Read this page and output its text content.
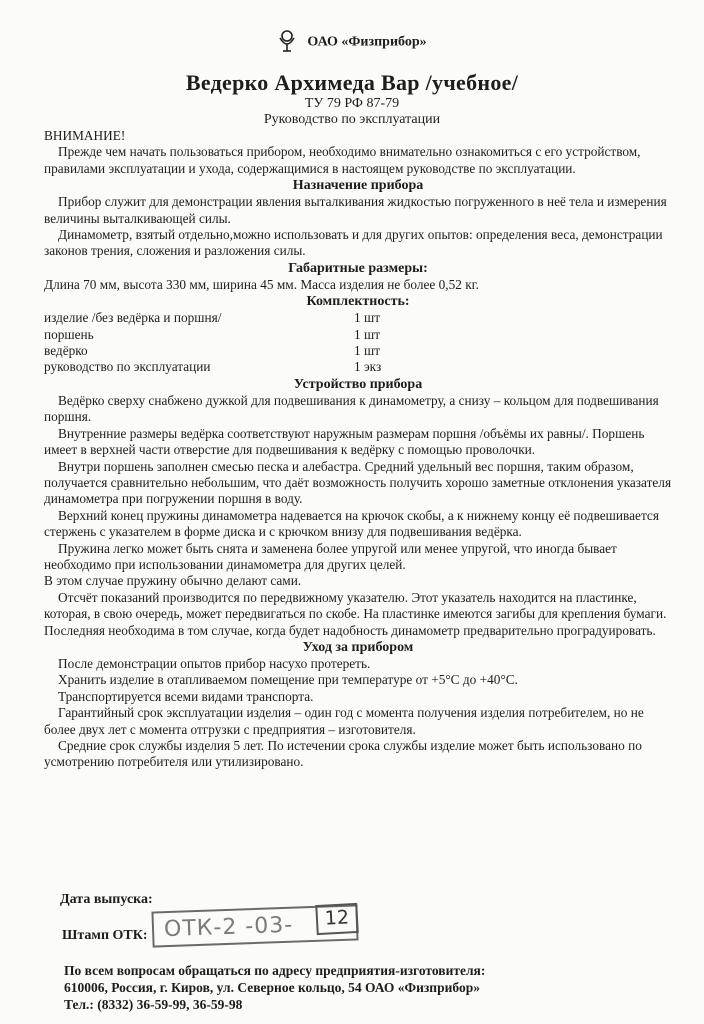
ОАО «Физприбор»
Ведерко Архимеда Вар /учебное/
ТУ 79 РФ 87-79
Руководство по эксплуатации

ВНИМАНИЕ!

Прежде чем начать пользоваться прибором, необходимо внимательно ознакомиться с его устройством, правилами эксплуатации и ухода, содержащимися в настоящем руководстве по эксплуатации.

Назначение прибора

Прибор служит для демонстрации явления выталкивания жидкостью погруженного в неё тела и измерения величины выталкивающей силы.

Динамометр, взятый отдельно,можно использовать и для других опытов: определения веса, демонстрации законов трения, сложения и разложения силы.

Габаритные размеры:

Длина 70 мм, высота 330 мм, ширина 45 мм. Масса изделия не более 0,52 кг.

Комплектность:

изделие /без ведёрка и поршня/	1 шт
поршень	1 шт
ведёрко	1 шт
руководство по эксплуатации	1 экз

Устройство прибора

Ведёрко сверху снабжено дужкой для подвешивания к динамометру, а снизу – кольцом для подвешивания поршня.

Внутренние размеры ведёрка соответствуют наружным размерам поршня /объёмы их равны/. Поршень имеет в верхней части отверстие для подвешивания к ведёрку с помощью проволочки.

Внутри поршень заполнен смесью песка и алебастра. Средний удельный вес поршня, таким образом, получается сравнительно небольшим, что даёт возможность получить хорошо заметные отклонения указателя динамометра при погружении поршня в воду.

Верхний конец пружины динамометра надевается на крючок скобы, а к нижнему концу её подвешивается стержень с указателем в форме диска и с крючком внизу для подвешивания ведёрка.

Пружина легко может быть снята и заменена более упругой или менее упругой, что иногда бывает необходимо при использовании динамометра для других целей.

В этом случае пружину обычно делают сами.

Отсчёт показаний производится по передвижному указателю. Этот указатель находится на пластинке, которая, в свою очередь, может передвигаться по скобе. На пластинке имеются загибы для крепления бумаги. Последняя необходима в том случае, когда будет надобность динамометр предварительно проградуировать.

Уход за прибором

После демонстрации опытов прибор насухо протереть.

Хранить изделие в отапливаемом помещение при температуре от +5°С до +40°С.

Транспортируется всеми видами транспорта.

Гарантийный срок эксплуатации изделия – один год с момента получения изделия потребителем, но не более двух лет с момента отгрузки с предприятия – изготовителя.

Средние срок службы изделия 5 лет. По истечении срока службы изделие может быть использовано по усмотрению потребителя или утилизировано.

Дата выпуска:
Штамп ОТК: ОТК-2 -03-	12

По всем вопросам обращаться по адресу предприятия-изготовителя:

610006, Россия, г. Киров, ул. Северное кольцо, 54 ОАО «Физприбор»

Тел.: (8332) 36-59-99, 36-59-98
